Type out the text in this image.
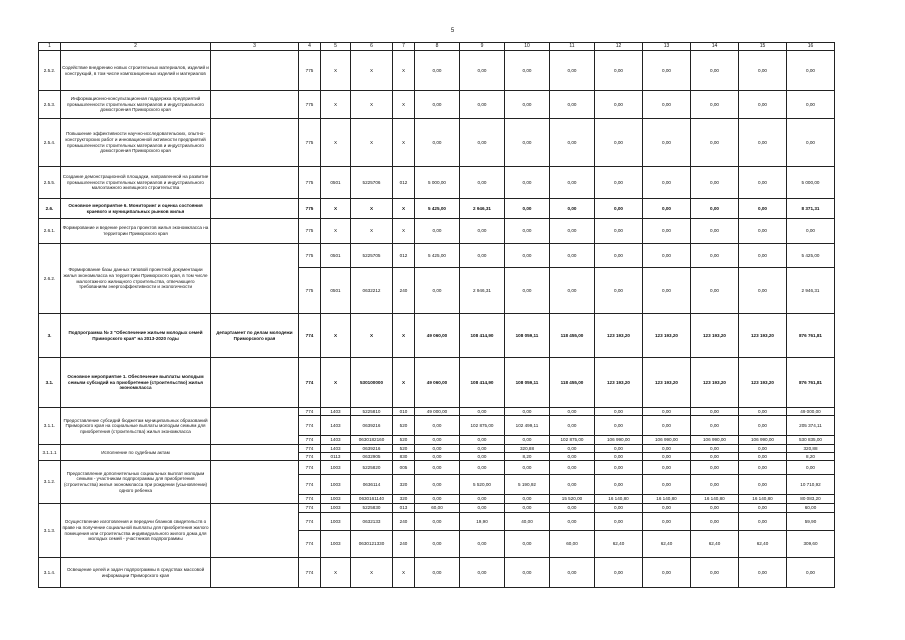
5
1	2	3	4	5	6	7	8	9	10	11	12	13	14	15	16
2.5.2.	Содействие внедрению новых строительных материалов, изделий и конструкций, в том числе композиционных изделий и материалов		775	X	X	X	0,00	0,00	0,00	0,00	0,00	0,00	0,00	0,00	0,00
2.5.3.	Информационно-консультационная поддержка предприятий промышленности строительных материалов и индустриального домостроения Приморского края		775	X	X	X	0,00	0,00	0,00	0,00	0,00	0,00	0,00	0,00	0,00
2.5.4.	Повышение эффективности научно-исследовательских, опытно-конструкторских работ и инновационной активности предприятий промышленности строительных материалов и индустриального домостроения Приморского края		775	X	X	X	0,00	0,00	0,00	0,00	0,00	0,00	0,00	0,00	0,00
2.5.5.	Создание демонстрационной площадки, направленной на развитие промышленности строительных материалов и индустриального малоэтажного жилищного строительства		775	0501	5225706	012	5 000,00	0,00	0,00	0,00	0,00	0,00	0,00	0,00	5 000,00
2.6.	Основное мероприятие 6. Мониторинг и оценка состояния краевого и муниципальных рынков жилья		775	X	X	X	5 425,00	2 946,31	0,00	0,00	0,00	0,00	0,00	0,00	8 371,31
2.6.1.	Формирование и ведение реестра проектов жилья экономкласса на территории Приморского края		775	X	X	X	0,00	0,00	0,00	0,00	0,00	0,00	0,00	0,00	0,00
2.6.2.	Формирование базы данных типовой проектной документации жилья экономкласса на территории Приморского края, в том числе малоэтажного жилищного строительства, отвечающего требованиям энергоэффективности и экологичности		775	0501	5225705	012	5 425,00	0,00	0,00	0,00	0,00	0,00	0,00	0,00	5 425,00
			775	0501	0632212	240	0,00	2 946,31	0,00	0,00	0,00	0,00	0,00	0,00	2 946,31
3.	Подпрограмма № 3 "Обеспечение жильем молодых семей Приморского края" на 2013-2020 годы	департамент по делам молодежи Приморского края	774	X	X	X	49 060,00	108 414,90	108 059,11	118 455,00	123 193,20	123 193,20	123 193,20	123 193,20	876 761,81
3.1.	Основное мероприятие 1. Обеспечение выплаты молодым семьям субсидий на приобретение (строительство) жилья экономкласса		774	X	530100000	X	49 060,00	108 414,90	108 059,11	118 455,00	123 193,20	123 193,20	123 193,20	123 193,20	876 761,81
3.1.1.	Предоставление субсидий бюджетам муниципальных образований Приморского края на социальные выплаты молодым семьям для приобретения (строительства) жилья экономкласса		774	1403	5225810	010	49 000,00	0,00	0,00	0,00	0,00	0,00	0,00	0,00	49 000,00
			774	1403	0639216	520	0,00	102 875,00	102 499,11	0,00	0,00	0,00	0,00	0,00	205 374,11
			774	1403	0630182160	520	0,00	0,00	0,00	102 875,00	106 990,00	106 990,00	106 990,00	106 990,00	530 835,00
3.1.1.1	Исполнение по судебным актам		774	1403	0639216	520	0,00	0,00	320,88	0,00	0,00	0,00	0,00	0,00	320,88
			774	0113	0632905	830	0,00	0,00	8,20	0,00	0,00	0,00	0,00	0,00	8,20
3.1.2.	Предоставление дополнительных социальных выплат молодым семьям - участникам подпрограммы для приобретения (строительства) жилья экономкласса при рождении (усыновлении) одного ребенка		774	1003	5225820	005	0,00	0,00	0,00	0,00	0,00	0,00	0,00	0,00	0,00
			774	1003	0636114	320	0,00	5 520,00	5 190,92	0,00	0,00	0,00	0,00	0,00	10 710,92
			774	1003	0630161140	320	0,00	0,00	0,00	15 520,00	16 140,80	16 140,80	16 140,80	16 140,80	80 083,20
3.1.3.	Осуществление изготовления и передачи бланков свидетельств о праве на получение социальной выплаты для приобретения жилого помещения или строительства индивидуального жилого дома для молодых семей - участников подпрограммы		774	1003	5225830	013	60,00	0,00	0,00	0,00	0,00	0,00	0,00	0,00	60,00
			774	1003	0632133	240	0,00	19,90	40,00	0,00	0,00	0,00	0,00	0,00	59,90
			774	1003	0630121330	240	0,00	0,00	0,00	60,00	62,40	62,40	62,40	62,40	309,60
3.1.4.	Освещение целей и задач подпрограммы в средствах массовой информации Приморского края		774	X	X	X	0,00	0,00	0,00	0,00	0,00	0,00	0,00	0,00	0,00
